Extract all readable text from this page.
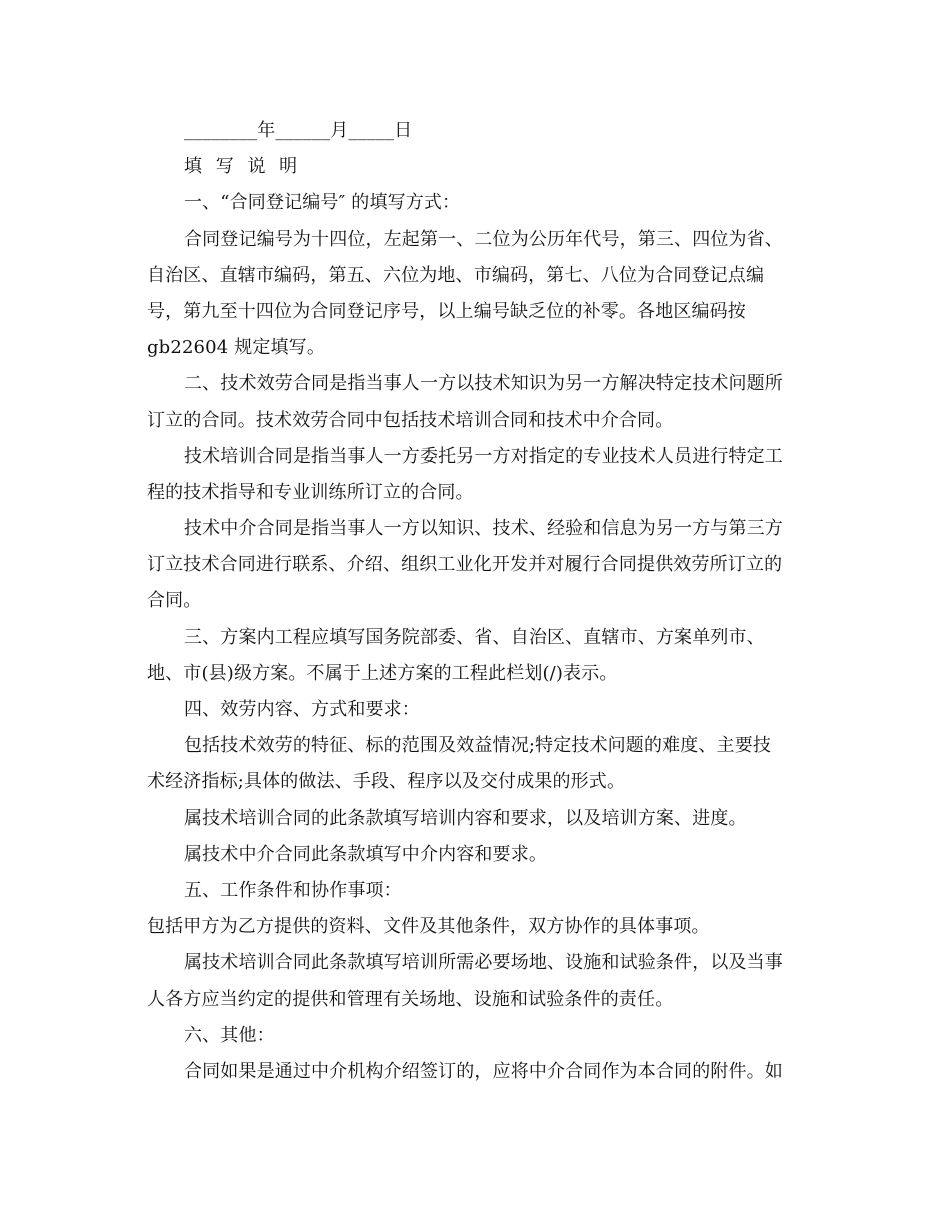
________年______月_____日
填 写 说 明
一、“合同登记编号″ 的填写方式：
合同登记编号为十四位，左起第一、二位为公历年代号，第三、四位为省、
自治区、直辖市编码，第五、六位为地、市编码，第七、八位为合同登记点编
号，第九至十四位为合同登记序号，以上编号缺乏位的补零。各地区编码按
gb22604 规定填写。
二、技术效劳合同是指当事人一方以技术知识为另一方解决特定技术问题所
订立的合同。技术效劳合同中包括技术培训合同和技术中介合同。
技术培训合同是指当事人一方委托另一方对指定的专业技术人员进行特定工
程的技术指导和专业训练所订立的合同。
技术中介合同是指当事人一方以知识、技术、经验和信息为另一方与第三方
订立技术合同进行联系、介绍、组织工业化开发并对履行合同提供效劳所订立的
合同。
三、方案内工程应填写国务院部委、省、自治区、直辖市、方案单列市、
地、市(县)级方案。不属于上述方案的工程此栏划(/)表示。
四、效劳内容、方式和要求：
包括技术效劳的特征、标的范围及效益情况;特定技术问题的难度、主要技
术经济指标;具体的做法、手段、程序以及交付成果的形式。
属技术培训合同的此条款填写培训内容和要求，以及培训方案、进度。
属技术中介合同此条款填写中介内容和要求。
五、工作条件和协作事项：
包括甲方为乙方提供的资料、文件及其他条件，双方协作的具体事项。
属技术培训合同此条款填写培训所需必要场地、设施和试验条件，以及当事
人各方应当约定的提供和管理有关场地、设施和试验条件的责任。
六、其他：
合同如果是通过中介机构介绍签订的，应将中介合同作为本合同的附件。如
